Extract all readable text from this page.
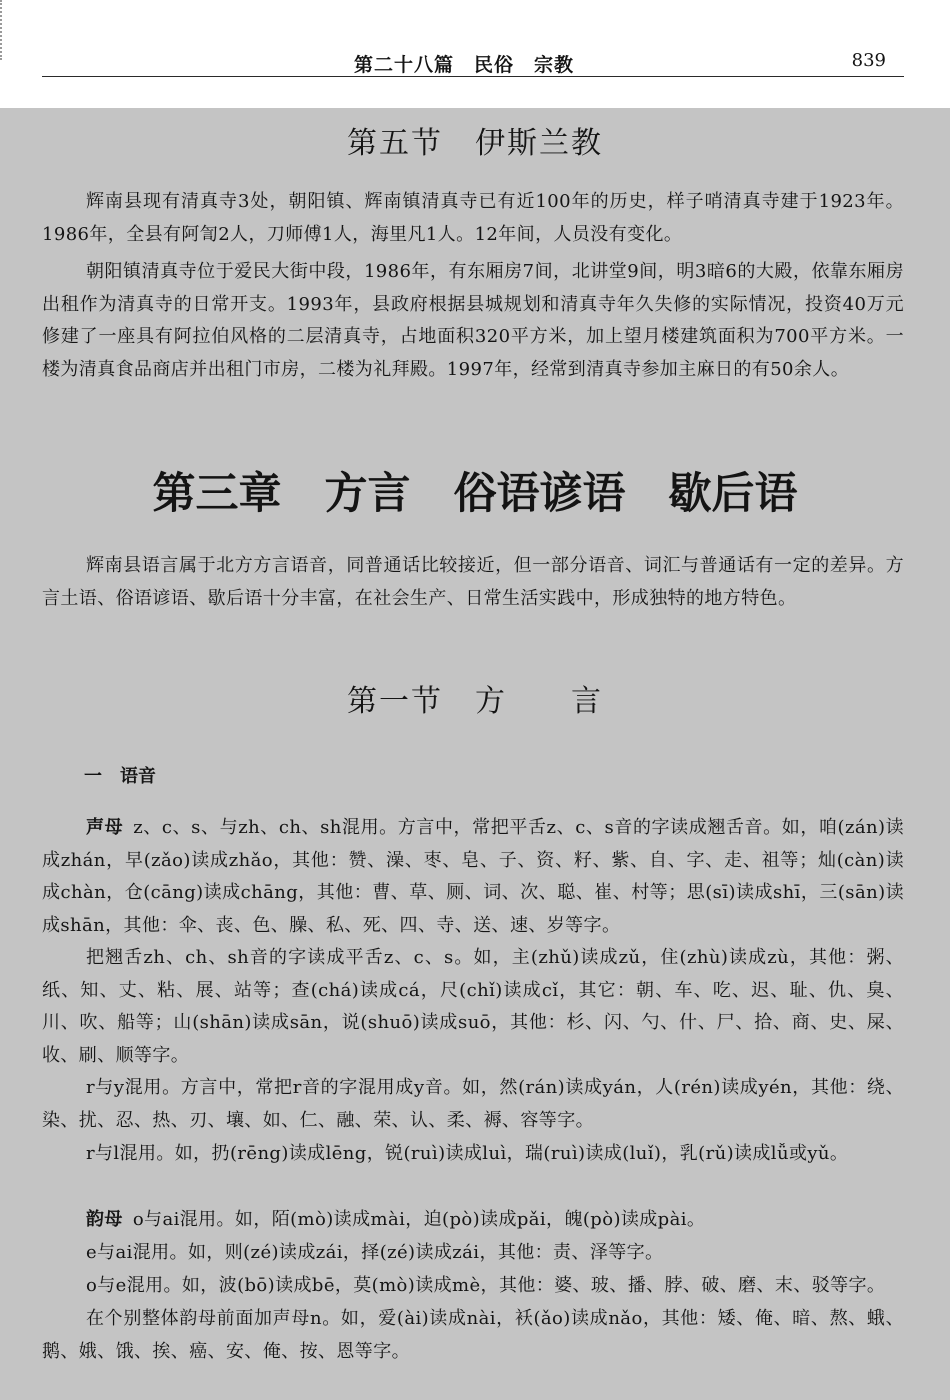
第二十八篇　民俗　宗教	839
第五节　伊斯兰教

辉南县现有清真寺3处，朝阳镇、辉南镇清真寺已有近100年的历史，样子哨清真寺建于1923年。1986年，全县有阿訇2人，刀师傅1人，海里凡1人。12年间，人员没有变化。

朝阳镇清真寺位于爱民大街中段，1986年，有东厢房7间，北讲堂9间，明3暗6的大殿，依靠东厢房出租作为清真寺的日常开支。1993年，县政府根据县城规划和清真寺年久失修的实际情况，投资40万元修建了一座具有阿拉伯风格的二层清真寺，占地面积320平方米，加上望月楼建筑面积为700平方米。一楼为清真食品商店并出租门市房，二楼为礼拜殿。1997年，经常到清真寺参加主麻日的有50余人。

第三章　方言　俗语谚语　歇后语

辉南县语言属于北方方言语音，同普通话比较接近，但一部分语音、词汇与普通话有一定的差异。方言土语、俗语谚语、歇后语十分丰富，在社会生产、日常生活实践中，形成独特的地方特色。

第一节　方　　言
一　语音

声母 z、c、s、与zh、ch、sh混用。方言中，常把平舌z、c、s音的字读成翘舌音。如，咱(zán)读成zhán，早(zǎo)读成zhǎo，其他：赞、澡、枣、皂、子、资、籽、紫、自、字、走、祖等；灿(càn)读成chàn，仓(cāng)读成chāng，其他：曹、草、厕、词、次、聪、崔、村等；思(sī)读成shī，三(sān)读成shān，其他：伞、丧、色、臊、私、死、四、寺、送、速、岁等字。

把翘舌zh、ch、sh音的字读成平舌z、c、s。如，主(zhǔ)读成zǔ，住(zhù)读成zù，其他：粥、纸、知、丈、粘、展、站等；查(chá)读成cá，尺(chǐ)读成cǐ，其它：朝、车、吃、迟、耻、仇、臭、川、吹、船等；山(shān)读成sān，说(shuō)读成suō，其他：杉、闪、勺、什、尸、拾、商、史、屎、收、刷、顺等字。

r与y混用。方言中，常把r音的字混用成y音。如，然(rán)读成yán，人(rén)读成yén，其他：绕、染、扰、忍、热、刃、壤、如、仁、融、荣、认、柔、褥、容等字。

r与l混用。如，扔(rēng)读成lēng，锐(ruì)读成luì，瑞(ruì)读成(luǐ)，乳(rǔ)读成lǚ或yǔ。

韵母 o与ai混用。如，陌(mò)读成mài，迫(pò)读成pǎi，魄(pò)读成pài。

e与ai混用。如，则(zé)读成zái，择(zé)读成zái，其他：责、泽等字。

o与e混用。如，波(bō)读成bē，莫(mò)读成mè，其他：婆、玻、播、脖、破、磨、末、驳等字。

在个别整体韵母前面加声母n。如，爱(ài)读成nài，袄(ǎo)读成nǎo，其他：矮、俺、暗、熬、蛾、鹅、娥、饿、挨、癌、安、俺、按、恩等字。
